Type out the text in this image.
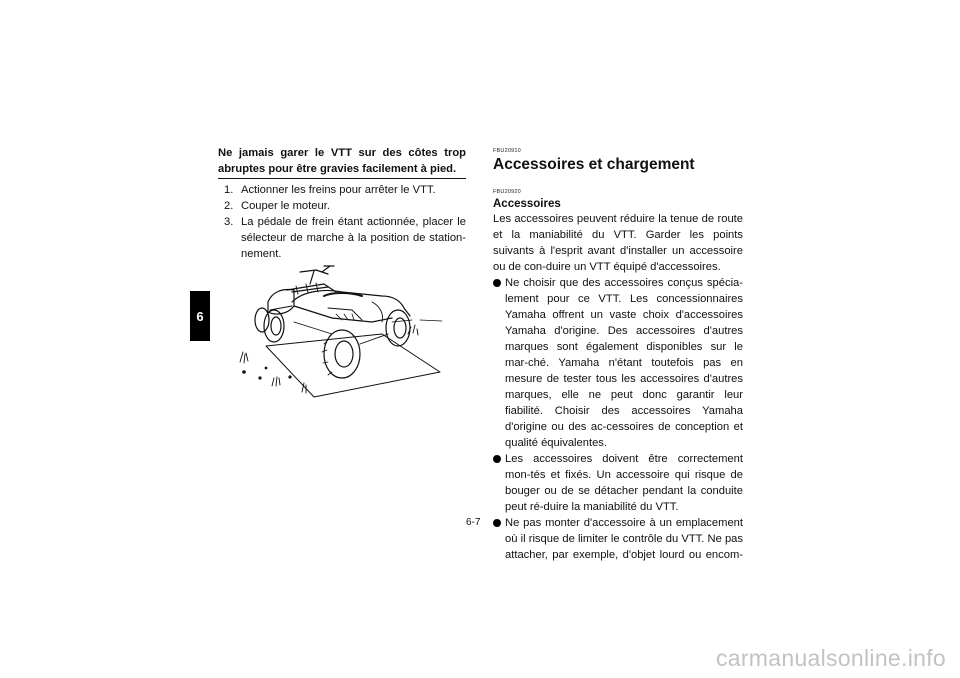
6

Ne jamais garer le VTT sur des côtes trop abruptes pour être gravies facilement à pied.

1. Actionner les freins pour arrêter le VTT.
2. Couper le moteur.
3. La pédale de frein étant actionnée, placer le sélecteur de marche à la position de station-nement.
FBU20910
Accessoires et chargement
FBU20920
Accessoires

Les accessoires peuvent réduire la tenue de route et la maniabilité du VTT. Garder les points suivants à l'esprit avant d'installer un accessoire ou de con-duire un VTT équipé d'accessoires.

Ne choisir que des accessoires conçus spécia-lement pour ce VTT. Les concessionnaires Yamaha offrent un vaste choix d'accessoires Yamaha d'origine. Des accessoires d'autres marques sont également disponibles sur le mar-ché. Yamaha n'étant toutefois pas en mesure de tester tous les accessoires d'autres marques, elle ne peut donc garantir leur fiabilité. Choisir des accessoires Yamaha d'origine ou des ac-cessoires de conception et qualité équivalentes.
Les accessoires doivent être correctement mon-tés et fixés. Un accessoire qui risque de bouger ou de se détacher pendant la conduite peut ré-duire la maniabilité du VTT.
Ne pas monter d'accessoire à un emplacement où il risque de limiter le contrôle du VTT. Ne pas attacher, par exemple, d'objet lourd ou encom-
6-7
carmanualsonline.info
